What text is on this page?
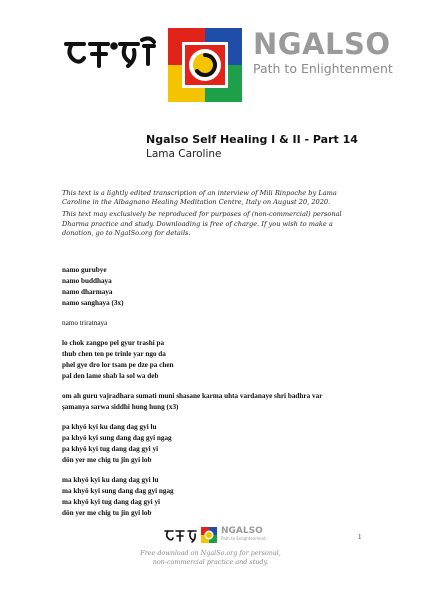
NGALSO
Path to Enlightenment
Ngalso Self Healing I & II - Part 14
Lama Caroline

This text is a lightly edited transcription of an interview of Mili Rinpoche by Lama Caroline in the Albagnano Healing Meditation Centre, Italy on August 20, 2020.

This text may exclusively be reproduced for purposes of (non-commercial) personal Dharma practice and study. Downloading is free of charge. If you wish to make a donation, go to NgalSo.org for details.

namo gurubye
namo buddhaya
namo dharmaya
namo sanghaya (3x)
namo triratnaya
lo chok zangpo pel gyur trashi pa
thub chen ten pe trinle yar ngo da
phel gye dro lor tsam pe dze pa chen
pal den lame shab la sol wa deb
om ah guru vajradhara sumati muni shasane karma uhta vardanaye shri badhra var
şamanya sarwa siddhi hung hung (x3)
pa khyö kyi ku dang dag gyi lu
pa khyö kyi sung dang dag gyi ngag
pa khyö kyi tug dang dag gyi yi
dön yer me chig tu jin gyi lob
ma khyö kyi ku dang dag gyi lu
ma khyö kyi sung dang dag gyi ngag
ma khyö kyi tug dang dag gyi yi
dön yer me chig tu jin gyi lob
1
NGALSO
Path to Enlightenment
Free download on NgalSo.org for personal,
non-commercial practice and study.
